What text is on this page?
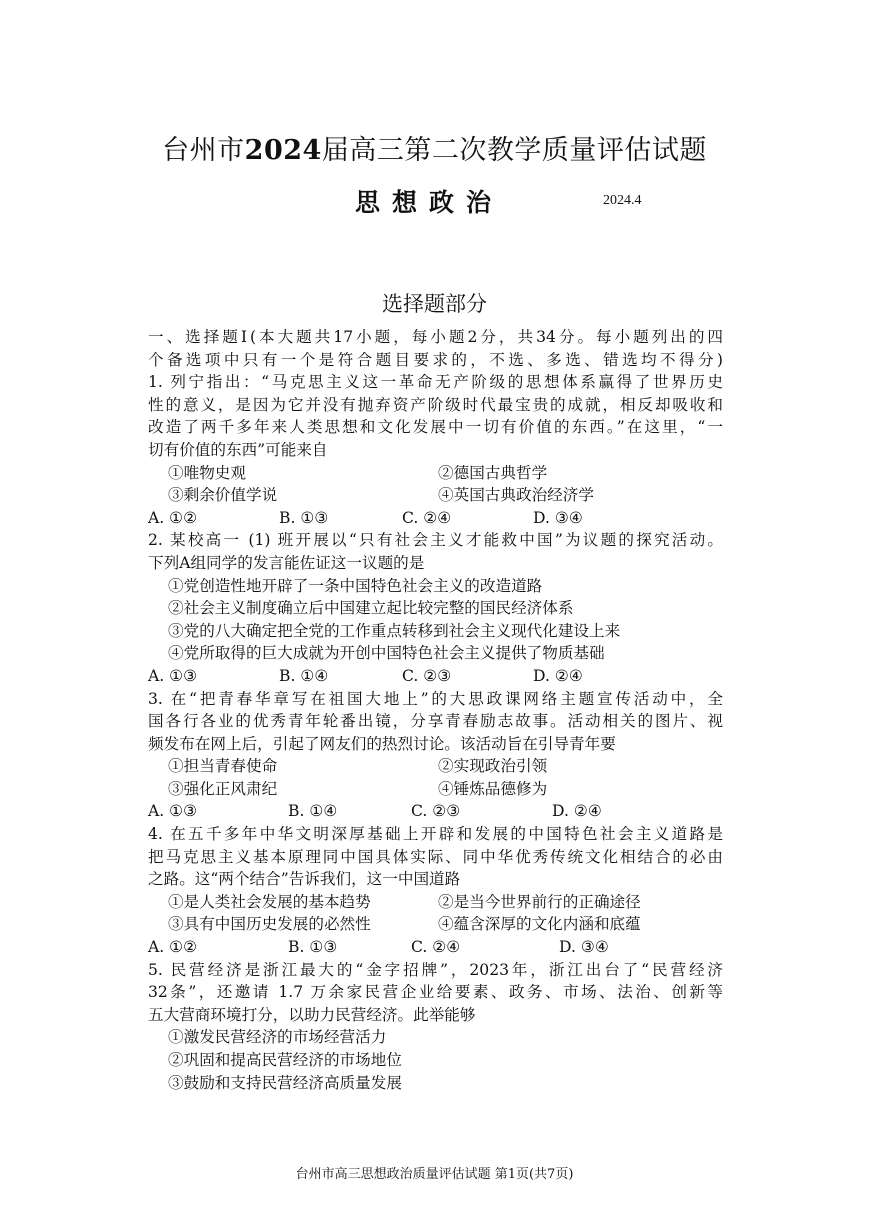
台州市2024届高三第二次教学质量评估试题
思想政治	2024.4
选择题部分
一、选择题Ⅰ(本大题共17小题，每小题2分，共34分。每小题列出的四
个备选项中只有一个是符合题目要求的，不选、多选、错选均不得分)
1. 列宁指出：“马克思主义这一革命无产阶级的思想体系赢得了世界历史
性的意义，是因为它并没有抛弃资产阶级时代最宝贵的成就，相反却吸收和
改造了两千多年来人类思想和文化发展中一切有价值的东西。”在这里，“一
切有价值的东西”可能来自
①唯物史观	②德国古典哲学
③剩余价值学说	④英国古典政治经济学
A. ①②	B. ①③	C. ②④	D. ③④
2. 某校高一 (1) 班开展以“只有社会主义才能救中国”为议题的探究活动。
下列A组同学的发言能佐证这一议题的是
①党创造性地开辟了一条中国特色社会主义的改造道路
②社会主义制度确立后中国建立起比较完整的国民经济体系
③党的八大确定把全党的工作重点转移到社会主义现代化建设上来
④党所取得的巨大成就为开创中国特色社会主义提供了物质基础
A. ①③	B. ①④	C. ②③	D. ②④
3. 在“把青春华章写在祖国大地上”的大思政课网络主题宣传活动中，全
国各行各业的优秀青年轮番出镜，分享青春励志故事。活动相关的图片、视
频发布在网上后，引起了网友们的热烈讨论。该活动旨在引导青年要
①担当青春使命	②实现政治引领
③强化正风肃纪	④锤炼品德修为
A. ①③	B. ①④	C. ②③	D. ②④
4. 在五千多年中华文明深厚基础上开辟和发展的中国特色社会主义道路是
把马克思主义基本原理同中国具体实际、同中华优秀传统文化相结合的必由
之路。这“两个结合”告诉我们，这一中国道路
①是人类社会发展的基本趋势	②是当今世界前行的正确途径
③具有中国历史发展的必然性	④蕴含深厚的文化内涵和底蕴
A. ①②	B. ①③	C. ②④	D. ③④
5. 民营经济是浙江最大的“金字招牌”，2023年，浙江出台了“民营经济
32条”，还邀请 1.7 万余家民营企业给要素、政务、市场、法治、创新等
五大营商环境打分，以助力民营经济。此举能够
①激发民营经济的市场经营活力
②巩固和提高民营经济的市场地位
③鼓励和支持民营经济高质量发展
台州市高三思想政治质量评估试题 第1页(共7页)
